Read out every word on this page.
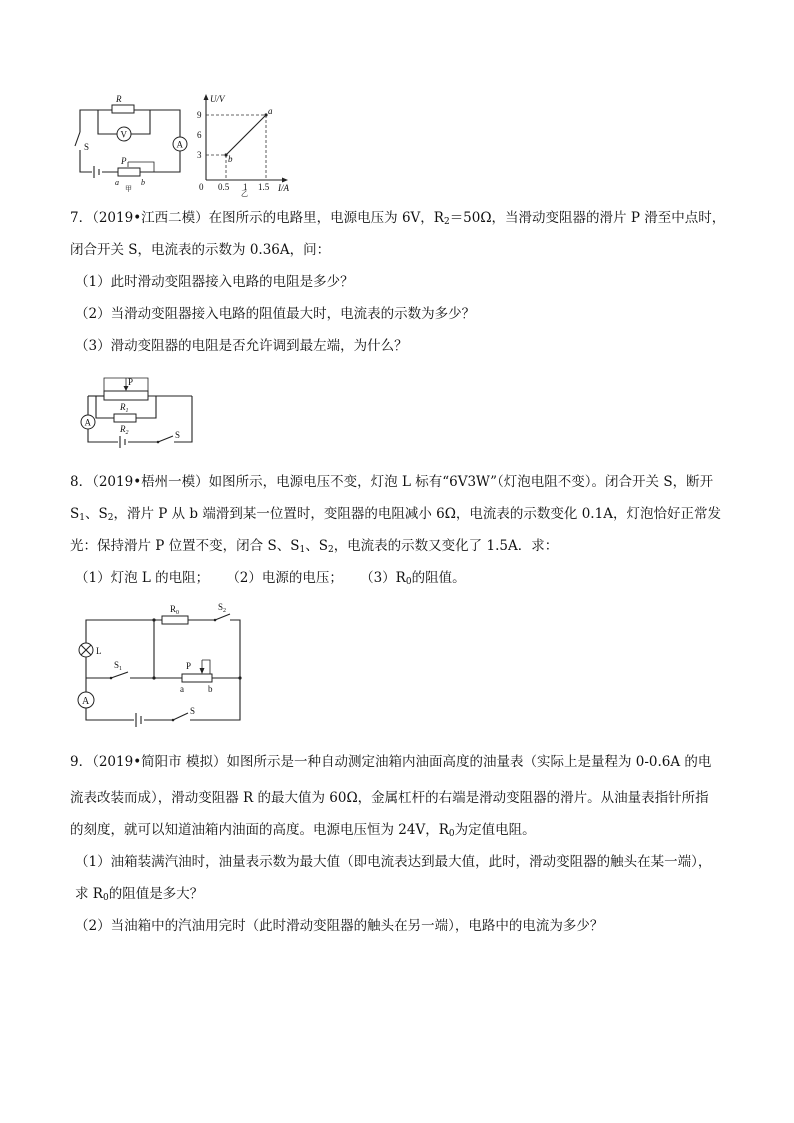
R
V
A
S
P
a	b
甲
U/V
I/A
a
b
9
6
3
0 0.5 1 1.5
乙
7．（2019•江西二模）在图所示的电路里，电源电压为 6V，$R_2=50\Omega$，当滑动变阻器的滑片 P 滑至中点时，
闭合开关 S，电流表的示数为 0.36A，问：
（1）此时滑动变阻器接入电路的电阻是多少？
（2）当滑动变阻器接入电路的阻值最大时，电流表的示数为多少？
（3）滑动变阻器的电阻是否允许调到最左端，为什么？
P
$R_1$
$R_2$
A
S
8．（2019•梧州一模）如图所示，电源电压不变，灯泡 L 标有“6V3W”（灯泡电阻不变）。闭合开关 S，断开
$S_1$、$S_2$，滑片 P 从 b 端滑到某一位置时，变阻器的电阻减小 6Ω，电流表的示数变化 0.1A，灯泡恰好正常发
光：保持滑片 P 位置不变，闭合 S、$S_1$、$S_2$，电流表的示数又变化了 1.5A．求：
（1）灯泡 L 的电阻； （2）电源的电压； $(3)R_0$的阻值。
$R_0$
$S_2$
L
$S_1$	P
a	b
A
S
9．（2019•简阳市 模拟）如图所示是一种自动测定油箱内油面高度的油量表（实际上是量程为 0-0.6A 的电
流表改装而成），滑动变阻器 R 的最大值为 60Ω，金属杠杆的右端是滑动变阻器的滑片。从油量表指针所指
的刻度，就可以知道油箱内油面的高度。电源电压恒为 24V，$R_0$为定值电阻。
（1）油箱装满汽油时，油量表示数为最大值（即电流表达到最大值，此时，滑动变阻器的触头在某一端），
求 $R_0$的阻值是多大？
（2）当油箱中的汽油用完时（此时滑动变阻器的触头在另一端），电路中的电流为多少？
